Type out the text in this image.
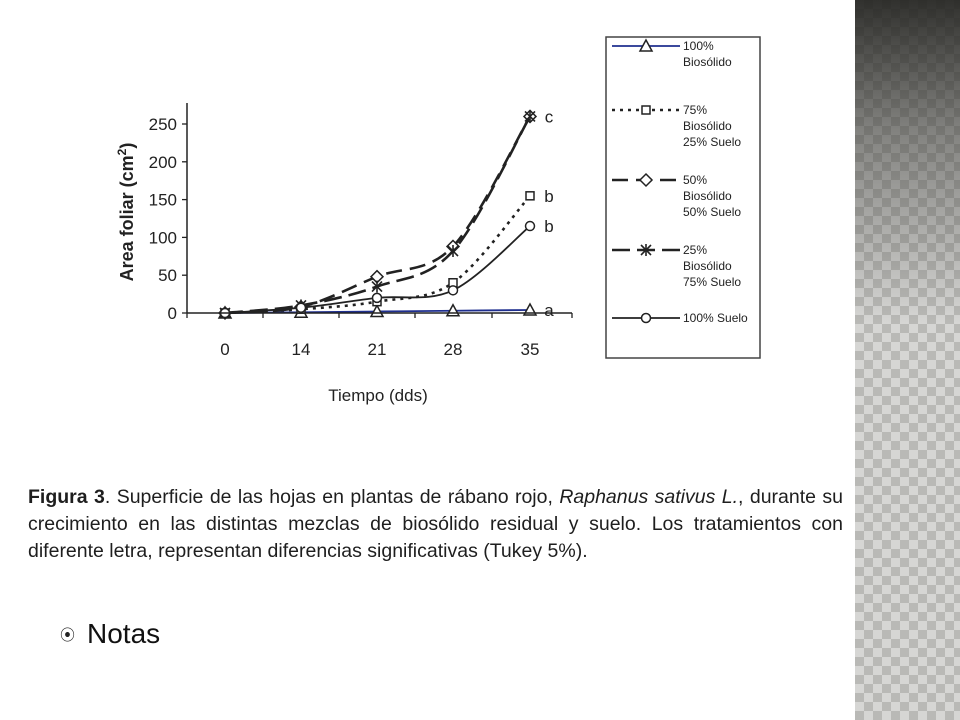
a
b
c
b
0
50
100
150
200
250
0	14	21	28	35
Area foliar $(cm^2)$
Tiempo (dds)
100% Biosólido
75% Biosólido 25% Suelo
50% Biosólido 50% Suelo
25% Biosólido 75% Suelo
100% Suelo
Figura 3. Superficie de las hojas en plantas de rábano rojo, Raphanus sativus L., durante su crecimiento en las distintas mezclas de biosólido residual y suelo. Los tratamientos con diferente letra, representan diferencias significativas (Tukey 5%).
⦿ Notas
